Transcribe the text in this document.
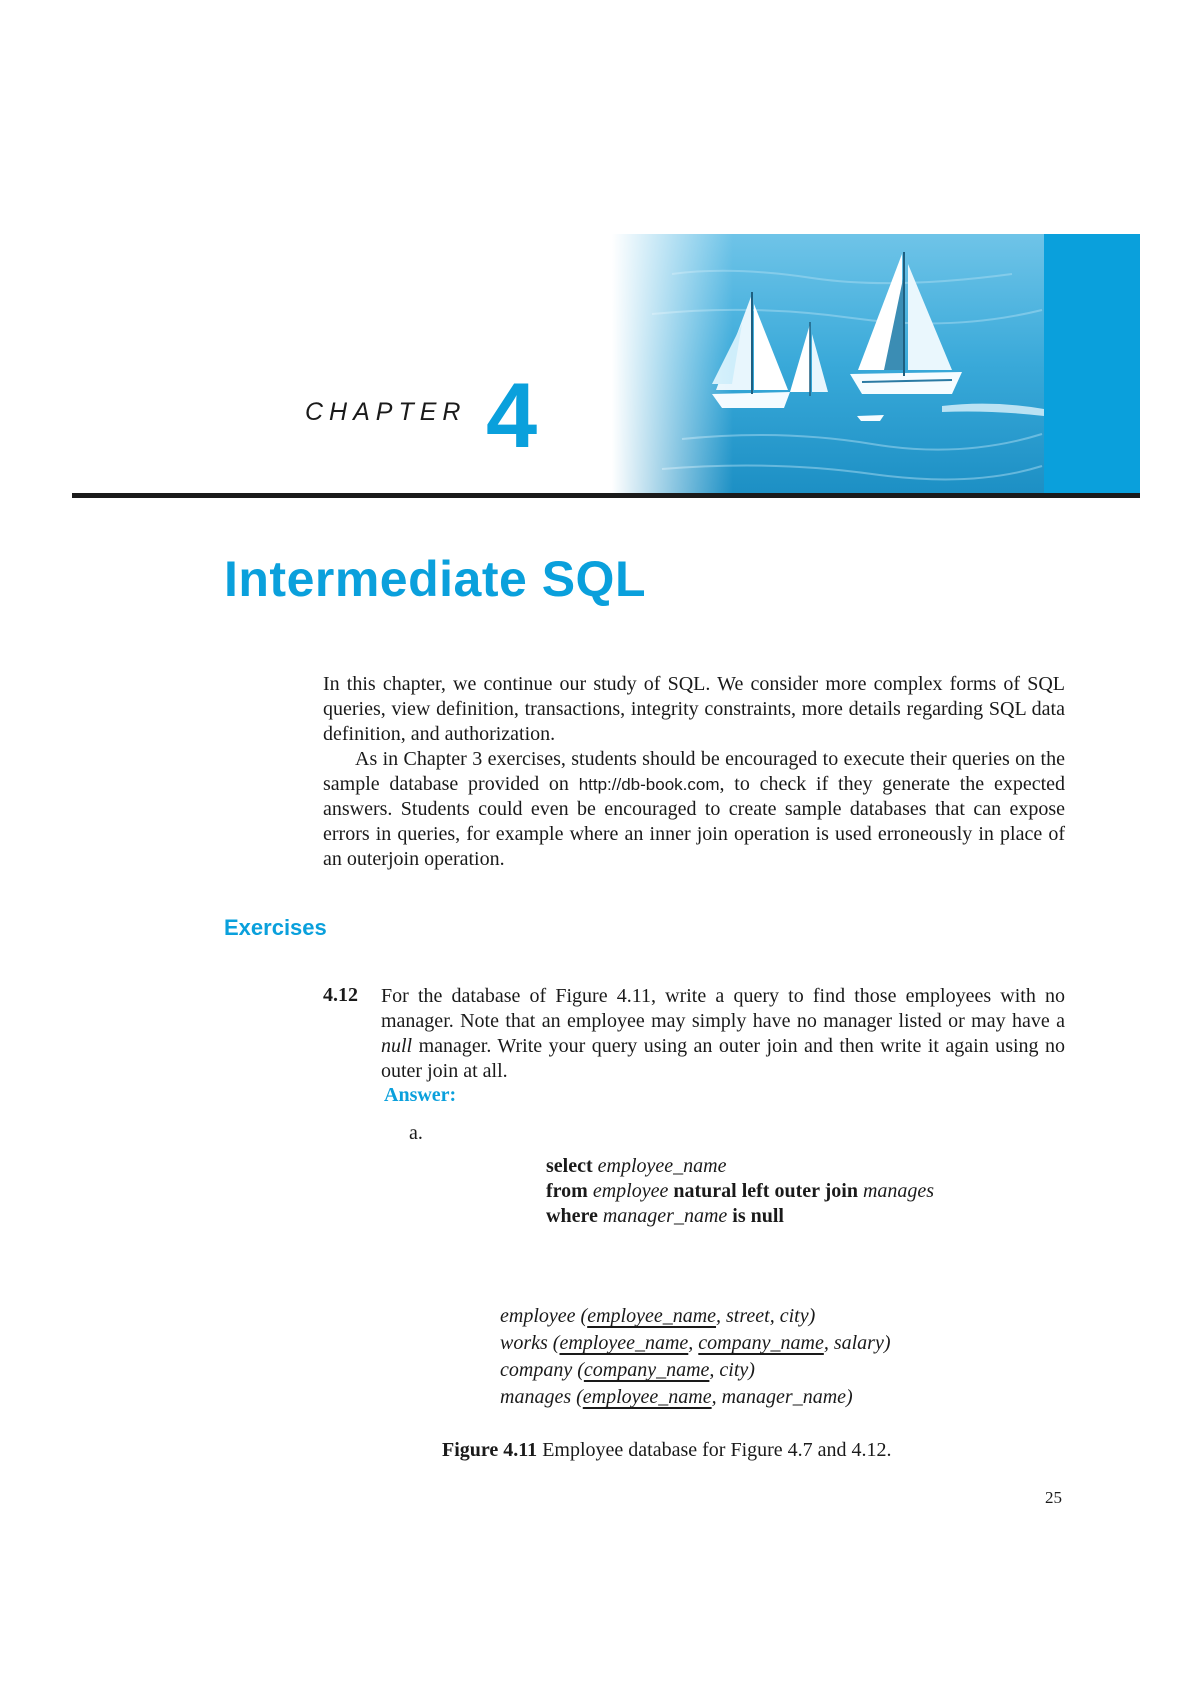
CHAPTER 4
Intermediate SQL

In this chapter, we continue our study of SQL. We consider more complex forms of SQL queries, view definition, transactions, integrity constraints, more details regarding SQL data definition, and authorization.

As in Chapter 3 exercises, students should be encouraged to execute their queries on the sample database provided on http://db-book.com, to check if they generate the expected answers. Students could even be encouraged to create sample databases that can expose errors in queries, for example where an inner join operation is used erroneously in place of an outerjoin operation.

Exercises
4.12 For the database of Figure 4.11, write a query to find those employees with no manager. Note that an employee may simply have no manager listed or may have a null manager. Write your query using an outer join and then write it again using no outer join at all.

Answer:
a.
select employee_name
from employee natural left outer join manages
where manager_name is null
employee (employee_name, street, city)
works (employee_name, company_name, salary)
company (company_name, city)
manages (employee_name, manager_name)
Figure 4.11 Employee database for Figure 4.7 and 4.12.
25
